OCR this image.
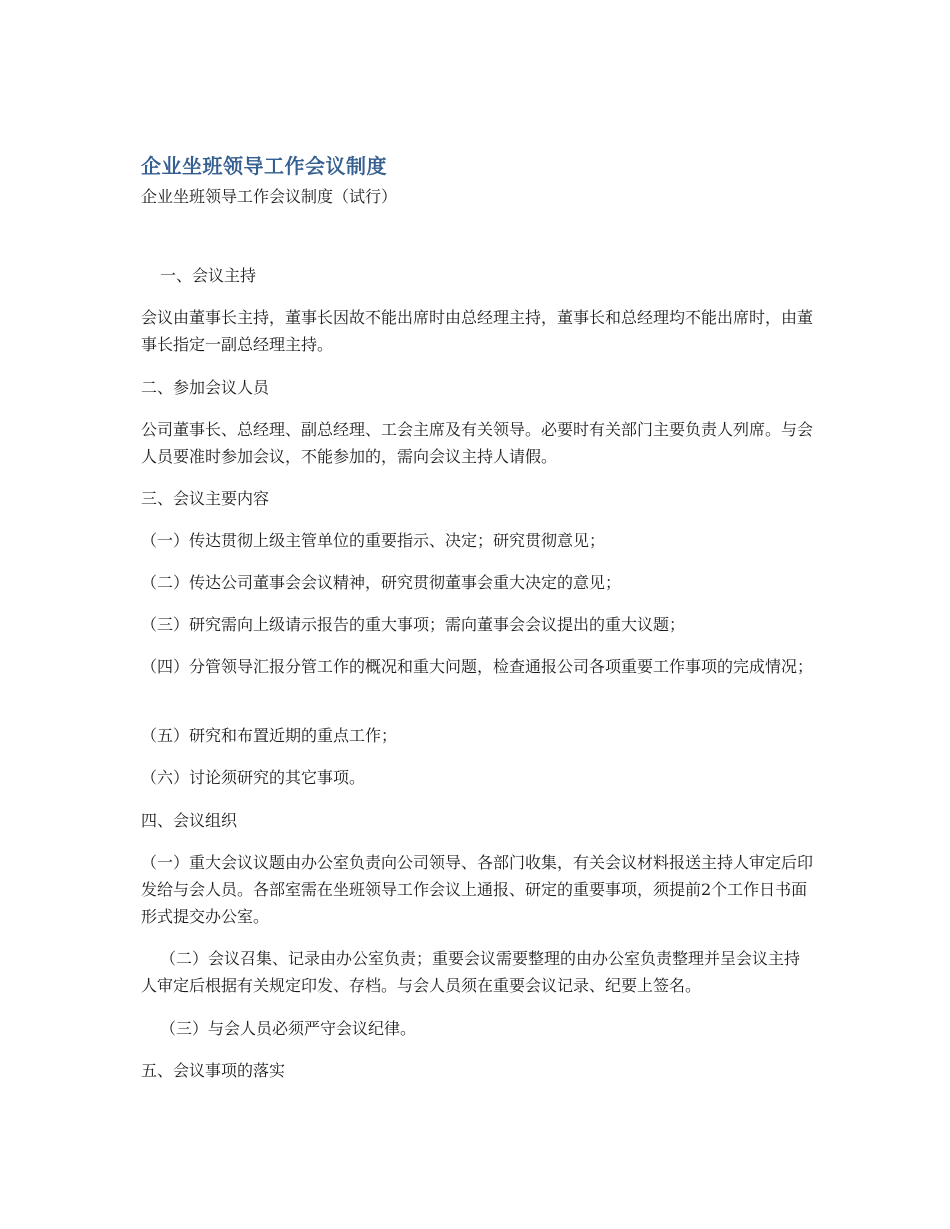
企业坐班领导工作会议制度

企业坐班领导工作会议制度（试行）

一、会议主持

会议由董事长主持，董事长因故不能出席时由总经理主持，董事长和总经理均不能出席时，由董事长指定一副总经理主持。

二、参加会议人员

公司董事长、总经理、副总经理、工会主席及有关领导。必要时有关部门主要负责人列席。与会人员要准时参加会议，不能参加的，需向会议主持人请假。

三、会议主要内容

（一）传达贯彻上级主管单位的重要指示、决定；研究贯彻意见；

（二）传达公司董事会会议精神，研究贯彻董事会重大决定的意见；

（三）研究需向上级请示报告的重大事项；需向董事会会议提出的重大议题；

（四）分管领导汇报分管工作的概况和重大问题，检查通报公司各项重要工作事项的完成情况；

（五）研究和布置近期的重点工作；

（六）讨论须研究的其它事项。

四、会议组织

（一）重大会议议题由办公室负责向公司领导、各部门收集，有关会议材料报送主持人审定后印发给与会人员。各部室需在坐班领导工作会议上通报、研定的重要事项，须提前2个工作日书面形式提交办公室。

（二）会议召集、记录由办公室负责；重要会议需要整理的由办公室负责整理并呈会议主持人审定后根据有关规定印发、存档。与会人员须在重要会议记录、纪要上签名。

（三）与会人员必须严守会议纪律。

五、会议事项的落实
